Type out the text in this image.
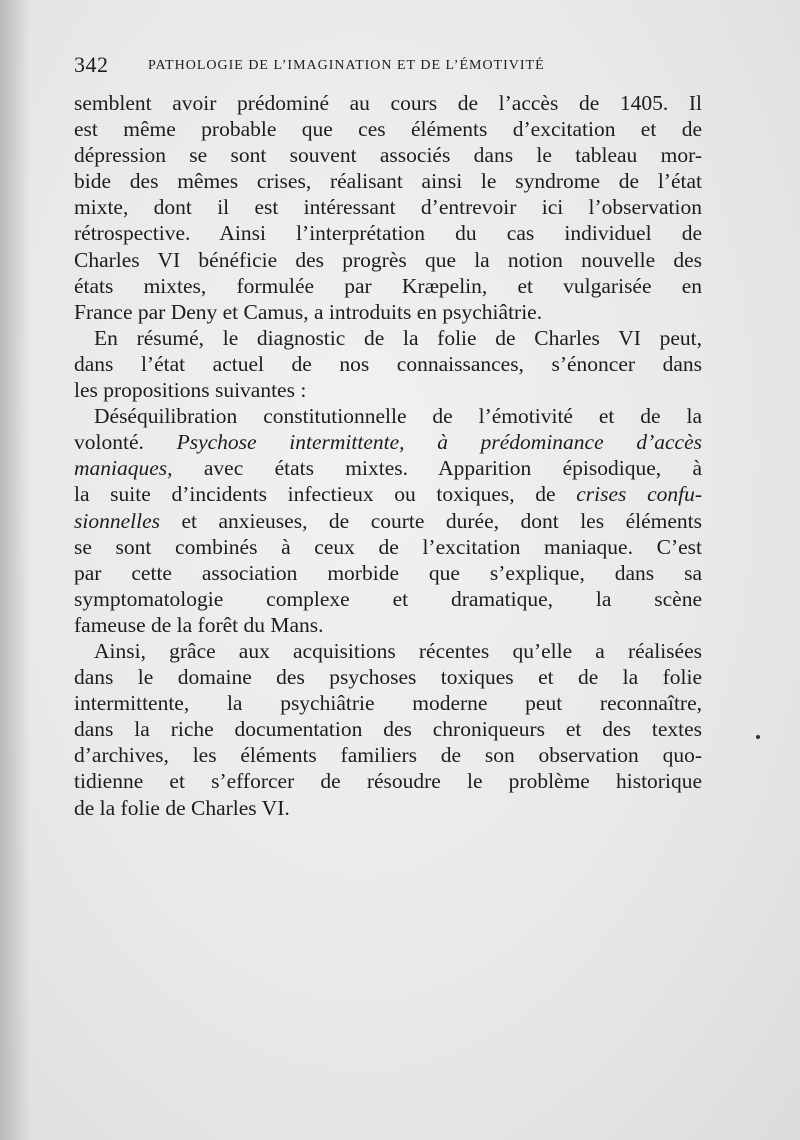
342	PATHOLOGIE DE L’IMAGINATION ET DE L’ÉMOTIVITÉ
semblent avoir prédominé au cours de l’accès de 1405. Il
est même probable que ces éléments d’excitation et de
dépression se sont souvent associés dans le tableau mor-
bide des mêmes crises, réalisant ainsi le syndrome de l’état
mixte, dont il est intéressant d’entrevoir ici l’observation
rétrospective. Ainsi l’interprétation du cas individuel de
Charles VI bénéficie des progrès que la notion nouvelle des
états mixtes, formulée par Kræpelin, et vulgarisée en
France par Deny et Camus, a introduits en psychiâtrie.
En résumé, le diagnostic de la folie de Charles VI peut,
dans l’état actuel de nos connaissances, s’énoncer dans
les propositions suivantes :
Déséquilibration constitutionnelle de l’émotivité et de la
volonté. Psychose intermittente, à prédominance d’accès
maniaques, avec états mixtes. Apparition épisodique, à
la suite d’incidents infectieux ou toxiques, de crises confu-
sionnelles et anxieuses, de courte durée, dont les éléments
se sont combinés à ceux de l’excitation maniaque. C’est
par cette association morbide que s’explique, dans sa
symptomatologie complexe et dramatique, la scène
fameuse de la forêt du Mans.
Ainsi, grâce aux acquisitions récentes qu’elle a réalisées
dans le domaine des psychoses toxiques et de la folie
intermittente, la psychiâtrie moderne peut reconnaître,
dans la riche documentation des chroniqueurs et des textes
d’archives, les éléments familiers de son observation quo-
tidienne et s’efforcer de résoudre le problème historique
de la folie de Charles VI.
